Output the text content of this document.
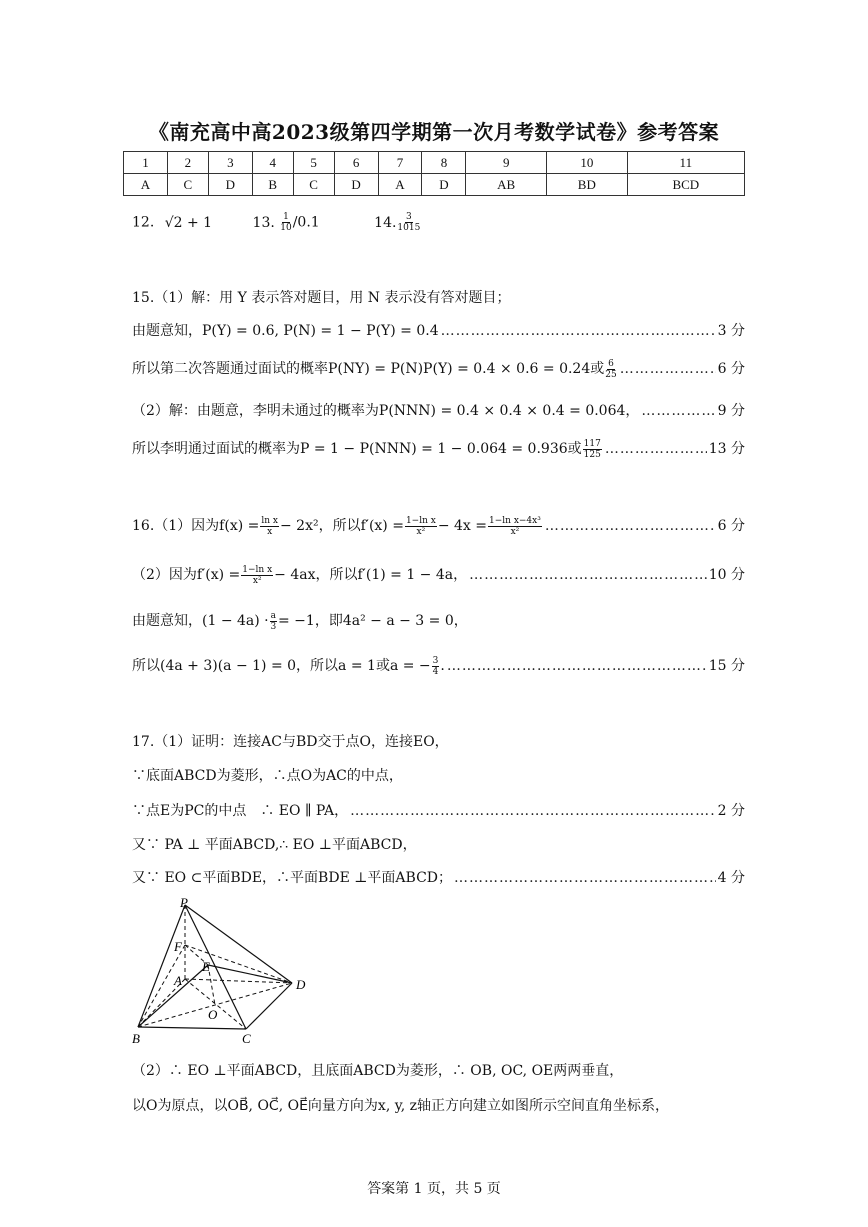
《南充高中高2023级第四学期第一次月考数学试卷》参考答案
1	2	3	4	5	6	7	8	9	10	11
A	C	D	B	C	D	A	D	AB	BD	BCD
12. √2 + 1	13. $\frac{1}{10} /0.1$	14. $\frac{3}{1015}$
15.（1）解：用 Y 表示答对题目，用 N 表示没有答对题目；
由题意知，P(Y) = 0.6, P(N) = 1 − P(Y) = 0.4 ……………………………………………………………………………………………………………………………………	3 分
所以第二次答题通过面试的概率P(NY) = P(N)P(Y) = 0.4 × 0.6 = 0.24或 $\frac{6}{25}$ ……………………………………………………………………………………………………………………………………	6 分
（2）解：由题意，李明未通过的概率为P(NNN) = 0.4 × 0.4 × 0.4 = 0.064， ……………………………………………………………………………………………………………………………………	9 分
所以李明通过面试的概率为P = 1 − P(NNN) = 1 − 0.064 = 0.936或 $\frac{117}{125}$ ……………………………………………………………………………………………………………………………………	13 分
16.（1）因为$f(x) = \frac{\text{ln x}}{x} - 2x^2$，所以$f'(x) = \frac{\text{1−ln x}}{\text{x²}} - 4x = \frac{\text{1−ln x−4x³}}{\text{x²}}$ ……………………………………………………………………………………………………………………………………	6 分
（2）因为$f'(x) = \frac{\text{1−ln x}}{\text{x²}} - 4ax$，所以f′(1) = 1 − 4a， ……………………………………………………………………………………………………………………………………	10 分
由题意知，$(1 - 4a) \cdot \frac{a}{3} = -1$，即4a² − a − 3 = 0，
所以(4a + 3)(a − 1) = 0，所以a = 1或a = − $\frac{3}{4}$ . ……………………………………………………………………………………………………………………………………	15 分
17.（1）证明：连接AC与BD交于点O，连接EO，
∵底面ABCD为菱形，∴点O为AC的中点，
∵点E为PC的中点　∴ EO ∥ PA， ……………………………………………………………………………………………………………………………………	2 分
又∵ PA ⊥ 平面ABCD,∴ EO ⊥平面ABCD，
又∵ EO ⊂平面BDE，∴平面BDE ⊥平面ABCD； ……………………………………………………………………………………………………………………………………	4 分
P
F
E
A	D
O
B	C
（2）∴ EO ⊥平面ABCD，且底面ABCD为菱形，∴ OB, OC, OE两两垂直，
以O为原点，以OB⃗, OC⃗, OE⃗向量方向为x, y, z轴正方向建立如图所示空间直角坐标系，
答案第 1 页，共 5 页
